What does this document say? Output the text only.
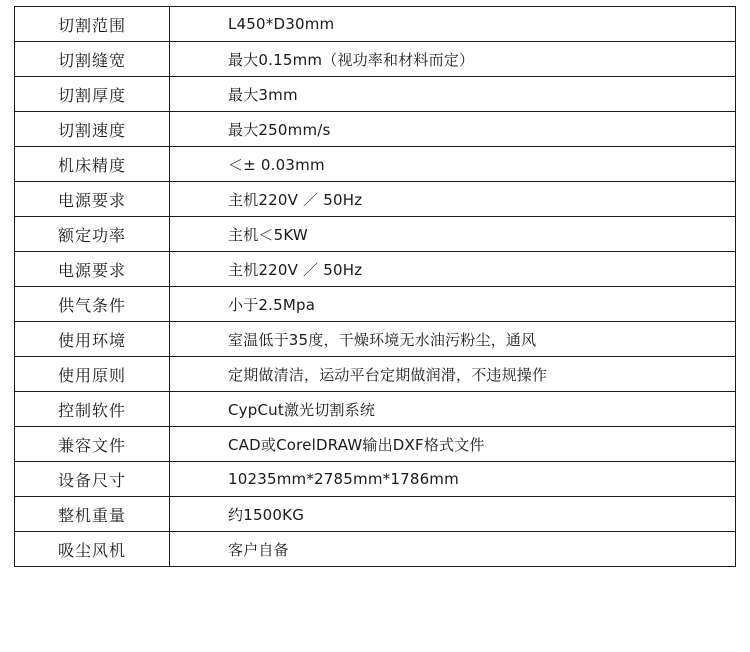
切割范围	L450*D30mm
切割缝宽	最大0.15mm（视功率和材料而定）
切割厚度	最大3mm
切割速度	最大250mm/s
机床精度	＜± 0.03mm
电源要求	主机220V ／ 50Hz
额定功率	主机＜5KW
电源要求	主机220V ／ 50Hz
供气条件	小于2.5Mpa
使用环境	室温低于35度，干燥环境无水油污粉尘，通风
使用原则	定期做清洁，运动平台定期做润滑，不违规操作
控制软件	CypCut激光切割系统
兼容文件	CAD或CorelDRAW输出DXF格式文件
设备尺寸	10235mm*2785mm*1786mm
整机重量	约1500KG
吸尘风机	客户自备
